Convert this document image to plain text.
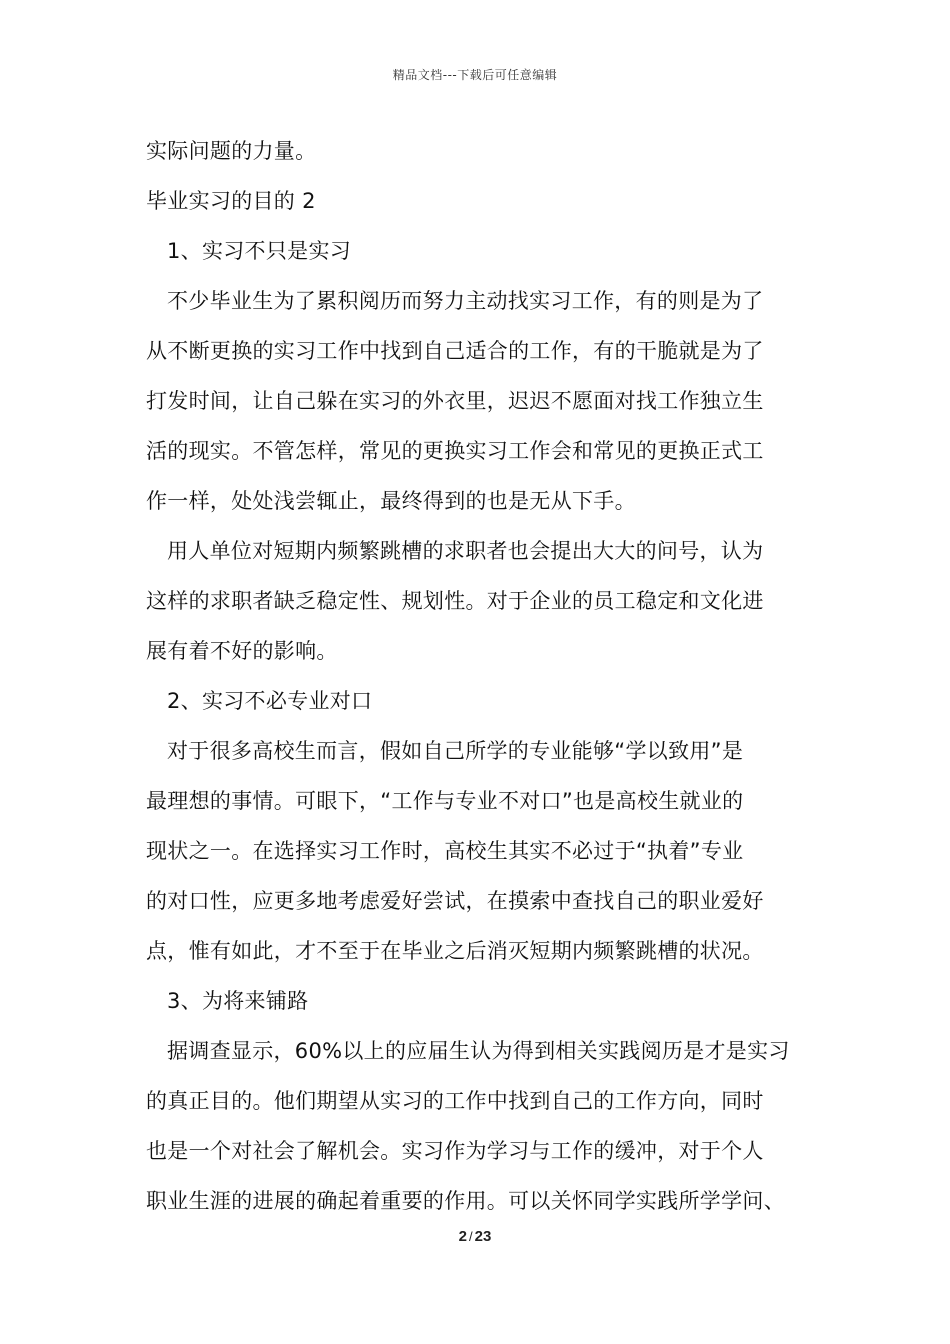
精品文档---下载后可任意编辑
实际问题的力量。
毕业实习的目的 2
1、实习不只是实习
不少毕业生为了累积阅历而努力主动找实习工作，有的则是为了
从不断更换的实习工作中找到自己适合的工作，有的干脆就是为了
打发时间，让自己躲在实习的外衣里，迟迟不愿面对找工作独立生
活的现实。不管怎样，常见的更换实习工作会和常见的更换正式工
作一样，处处浅尝辄止，最终得到的也是无从下手。
用人单位对短期内频繁跳槽的求职者也会提出大大的问号，认为
这样的求职者缺乏稳定性、规划性。对于企业的员工稳定和文化进
展有着不好的影响。
2、实习不必专业对口
对于很多高校生而言，假如自己所学的专业能够“学以致用”是
最理想的事情。可眼下，“工作与专业不对口”也是高校生就业的
现状之一。在选择实习工作时，高校生其实不必过于“执着”专业
的对口性，应更多地考虑爱好尝试，在摸索中查找自己的职业爱好
点，惟有如此，才不至于在毕业之后消灭短期内频繁跳槽的状况。
3、为将来铺路
据调查显示，60%以上的应届生认为得到相关实践阅历是才是实习
的真正目的。他们期望从实习的工作中找到自己的工作方向，同时
也是一个对社会了解机会。实习作为学习与工作的缓冲，对于个人
职业生涯的进展的确起着重要的作用。可以关怀同学实践所学学问、
2 / 23
